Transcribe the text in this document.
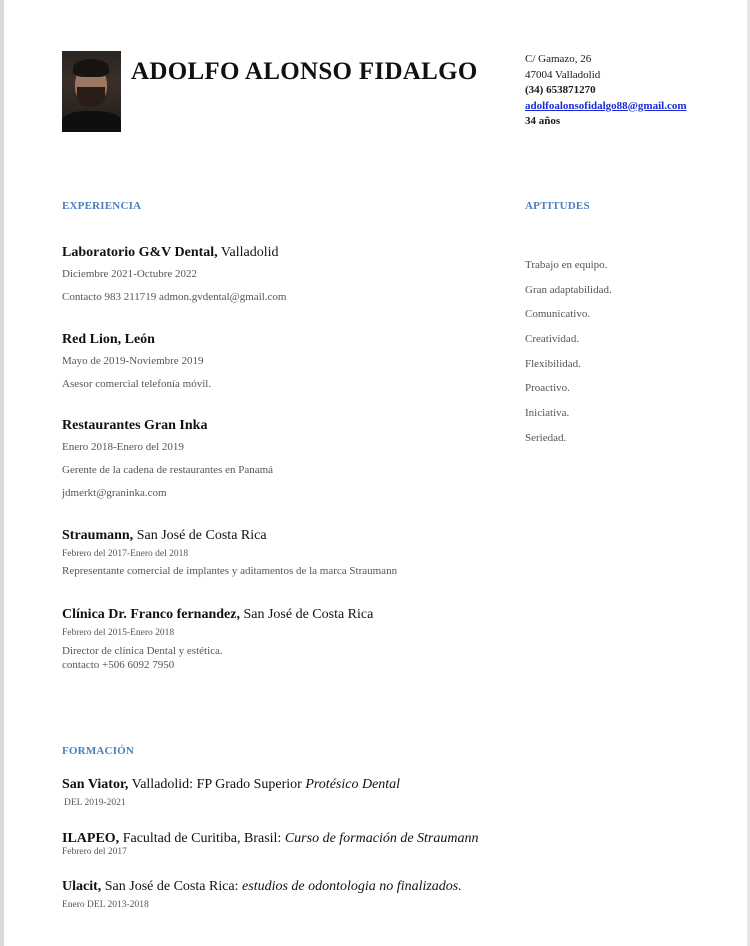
ADOLFO ALONSO FIDALGO	C/ Gamazo, 26
47004 Valladolid
(34) 653871270
adolfoalonsofidalgo88@gmail.com
34 años
EXPERIENCIA	APTITUDES
Laboratorio G&V Dental, Valladolid
Diciembre 2021-Octubre 2022
Contacto 983 211719 admon.gvdental@gmail.com
Red Lion, León
Mayo de 2019-Noviembre 2019
Asesor comercial telefonía móvil.
Restaurantes Gran Inka
Enero 2018-Enero del 2019
Gerente de la cadena de restaurantes en Panamá
jdmerkt@graninka.com
Straumann, San José de Costa Rica
Febrero del 2017-Enero del 2018
Representante comercial de implantes y aditamentos de la marca Straumann
Clínica Dr. Franco fernandez, San José de Costa Rica
Febrero del 2015-Enero 2018
Director de clínica Dental y estética.
contacto +506 6092 7950
Trabajo en equipo.
Gran adaptabilidad.
Comunicativo.
Creatividad.
Flexibilidad.
Proactivo.
Iniciativa.
Seriedad.
FORMACIÓN
San Viator, Valladolid: FP Grado Superior Protésico Dental
DEL 2019-2021
ILAPEO, Facultad de Curitiba, Brasil: Curso de formación de Straumann
Febrero del 2017
Ulacit, San José de Costa Rica: estudios de odontologia no finalizados.
Enero DEL 2013-2018
